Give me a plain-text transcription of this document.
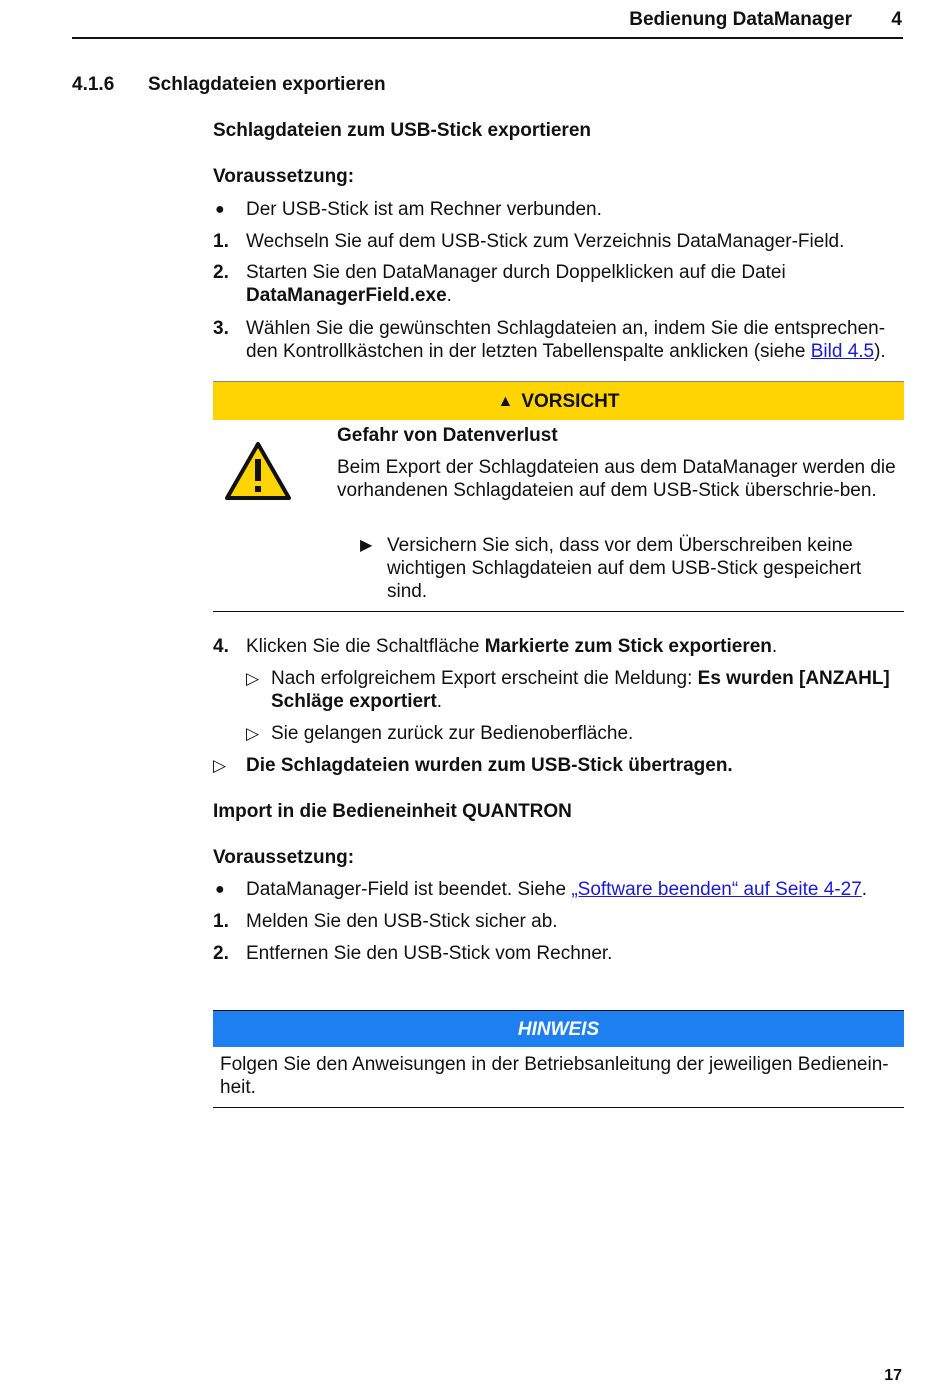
Bedienung DataManager 4
4.1.6 Schlagdateien exportieren
Schlagdateien zum USB-Stick exportieren
Voraussetzung:
● Der USB-Stick ist am Rechner verbunden.
1. Wechseln Sie auf dem USB-Stick zum Verzeichnis DataManager-Field.
2. Starten Sie den DataManager durch Doppelklicken auf die Datei DataManagerField.exe.
3. Wählen Sie die gewünschten Schlagdateien an, indem Sie die entsprechen-den Kontrollkästchen in der letzten Tabellenspalte anklicken (siehe Bild 4.5).
▲ VORSICHT
Gefahr von Datenverlust
Beim Export der Schlagdateien aus dem DataManager werden die vorhandenen Schlagdateien auf dem USB-Stick überschrie-ben.
▶ Versichern Sie sich, dass vor dem Überschreiben keine wichtigen Schlagdateien auf dem USB-Stick gespeichert sind.
4. Klicken Sie die Schaltfläche Markierte zum Stick exportieren.
▷ Nach erfolgreichem Export erscheint die Meldung: Es wurden [ANZAHL] Schläge exportiert.
▷ Sie gelangen zurück zur Bedienoberfläche.
▷	Die Schlagdateien wurden zum USB-Stick übertragen.
Import in die Bedieneinheit QUANTRON
Voraussetzung:
● DataManager-Field ist beendet. Siehe „Software beenden“ auf Seite 4-27.
1. Melden Sie den USB-Stick sicher ab.
2. Entfernen Sie den USB-Stick vom Rechner.
HINWEIS
Folgen Sie den Anweisungen in der Betriebsanleitung der jeweiligen Bedienein-heit.
17
